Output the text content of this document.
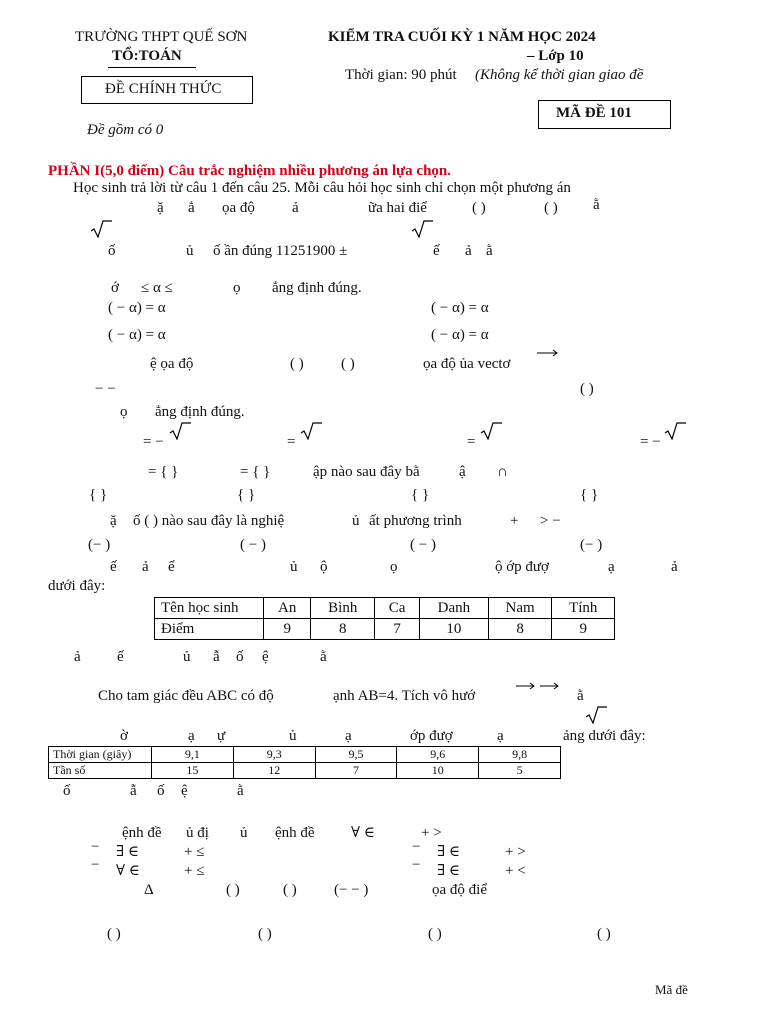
TRƯỜNG THPT QUẾ SƠN
TỔ:TOÁN
ĐỀ CHÍNH THỨC
Đề gồm có 0
KIỂM TRA CUỐI KỲ 1 NĂM HỌC 2024
– Lớp 10
Thời gian: 90 phút (Không kể thời gian giao đề
MÃ ĐỀ 101
PHẦN I(5,0 điểm) Câu trắc nghiệm nhiều phương án lựa chọn.
Học sinh trả lời từ câu 1 đến câu 25. Mỗi câu hỏi học sinh chỉ chọn một phương án
ặ ẳ ọa độ ả	ữa hai điể	( )	( ) ằ
ố	ủ ố ần đúng 11251900 ±	ế ả ằ
ớ ≤ α ≤	ọ ẳng định đúng.
( − α) = α	( − α) = α
( − α) = α	( − α) = α
ệ ọa độ	( ) ( )	ọa độ ủa vectơ
− −	( )
ọ ẳng định đúng.
= −	=	=	= −
= { }	= { }	ập nào sau đây bằ	ậ ∩
{ }	{ }	{ }	{ }
ặ ố ( ) nào sau đây là nghiệ	ủ ất phương trình	+ > −
(− )	( − )	( − )	(− )
ế ả ể	ủ ộ	ọ	ộ ớp đượ	ạ	ả
dưới đây:
Tên học sinh	An	Bình	Ca	Danh	Nam	Tính
Điểm	9	8	7	10	8	9
ả ế	ủ ẫ ố ệ	ằ
Cho tam giác đều ABC có độ	ạnh AB=4. Tích vô hướ	ằ
ờ	ạ ự	ủ	ạ	ớp đượ	ạ	ảng dưới đây:
Thời gian (giây)	9,1	9,3	9,5	9,6	9,8
Tần số	15	12	7	10	5
ố	ẫ ố ệ	ằ
ệnh đề ủ đị ủ ệnh đề ∀ ∈	+ >
− ∃ ∈	+ ≤
− ∀ ∈	+ ≤
− ∃ ∈	+ >
− ∃ ∈	+ <
Δ	( )	( ) (− − )	ọa độ điể
( )	( )	( )	( )
Mã đề
